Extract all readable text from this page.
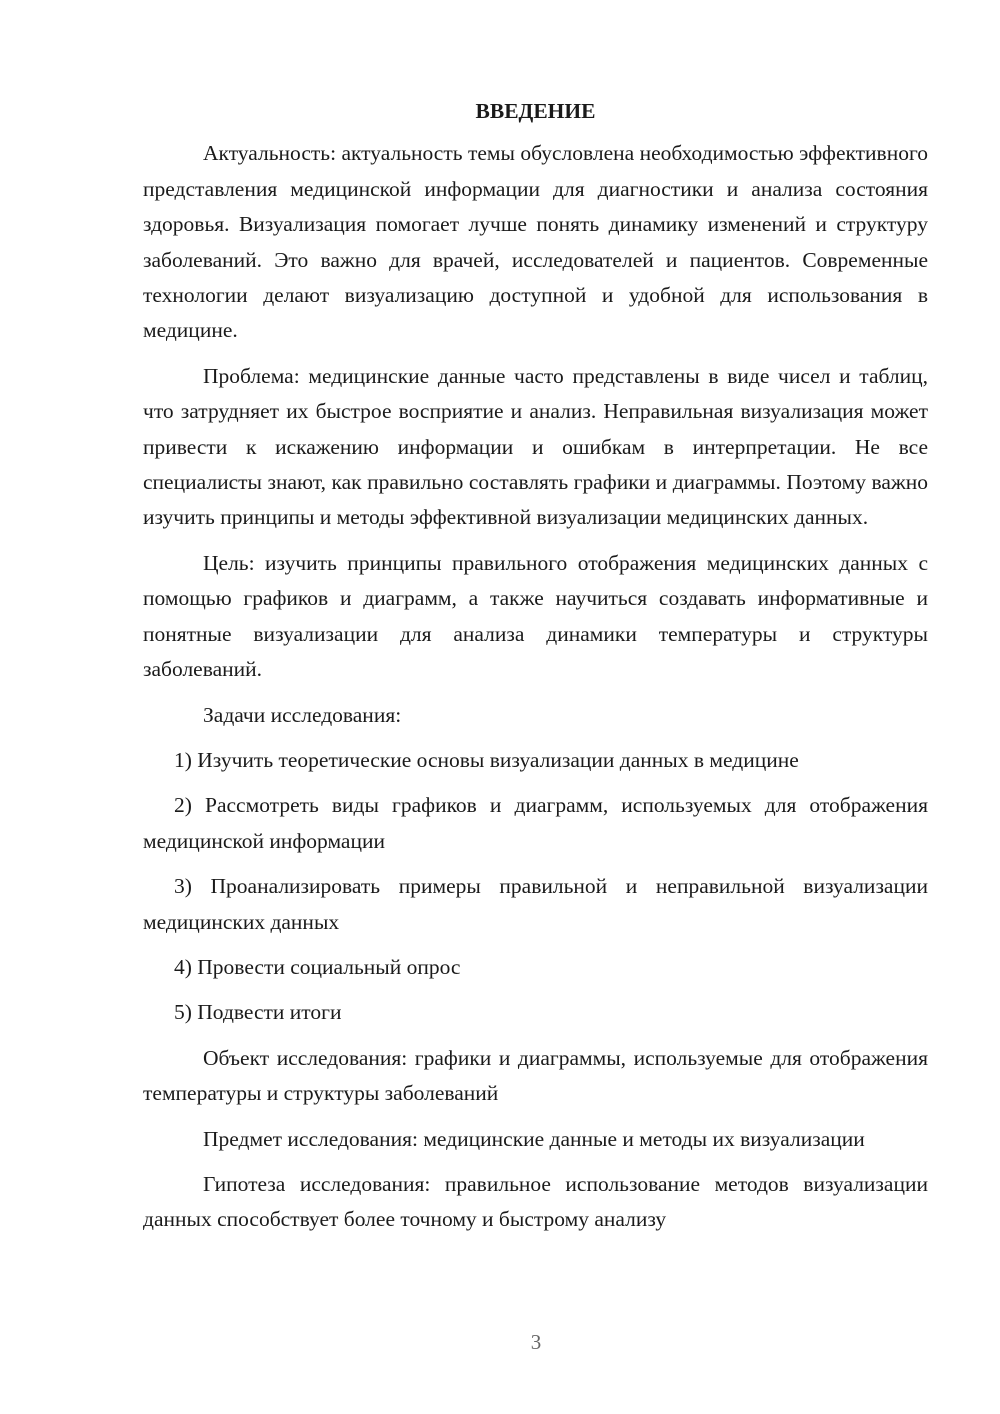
ВВЕДЕНИЕ

Актуальность: актуальность темы обусловлена необходимостью эффективного представления медицинской информации для диагностики и анализа состояния здоровья. Визуализация помогает лучше понять динамику изменений и структуру заболеваний. Это важно для врачей, исследователей и пациентов. Современные технологии делают визуализацию доступной и удобной для использования в медицине.

Проблема: медицинские данные часто представлены в виде чисел и таблиц, что затрудняет их быстрое восприятие и анализ. Неправильная визуализация может привести к искажению информации и ошибкам в интерпретации. Не все специалисты знают, как правильно составлять графики и диаграммы. Поэтому важно изучить принципы и методы эффективной визуализации медицинских данных.

Цель: изучить принципы правильного отображения медицинских данных с помощью графиков и диаграмм, а также научиться создавать информативные и понятные визуализации для анализа динамики температуры и структуры заболеваний.

Задачи исследования:

1) Изучить теоретические основы визуализации данных в медицине

2) Рассмотреть виды графиков и диаграмм, используемых для отображения медицинской информации

3) Проанализировать примеры правильной и неправильной визуализации медицинских данных

4) Провести социальный опрос

5) Подвести итоги

Объект исследования: графики и диаграммы, используемые для отображения температуры и структуры заболеваний

Предмет исследования: медицинские данные и методы их визуализации

Гипотеза исследования: правильное использование методов визуализации данных способствует более точному и быстрому анализу

3
